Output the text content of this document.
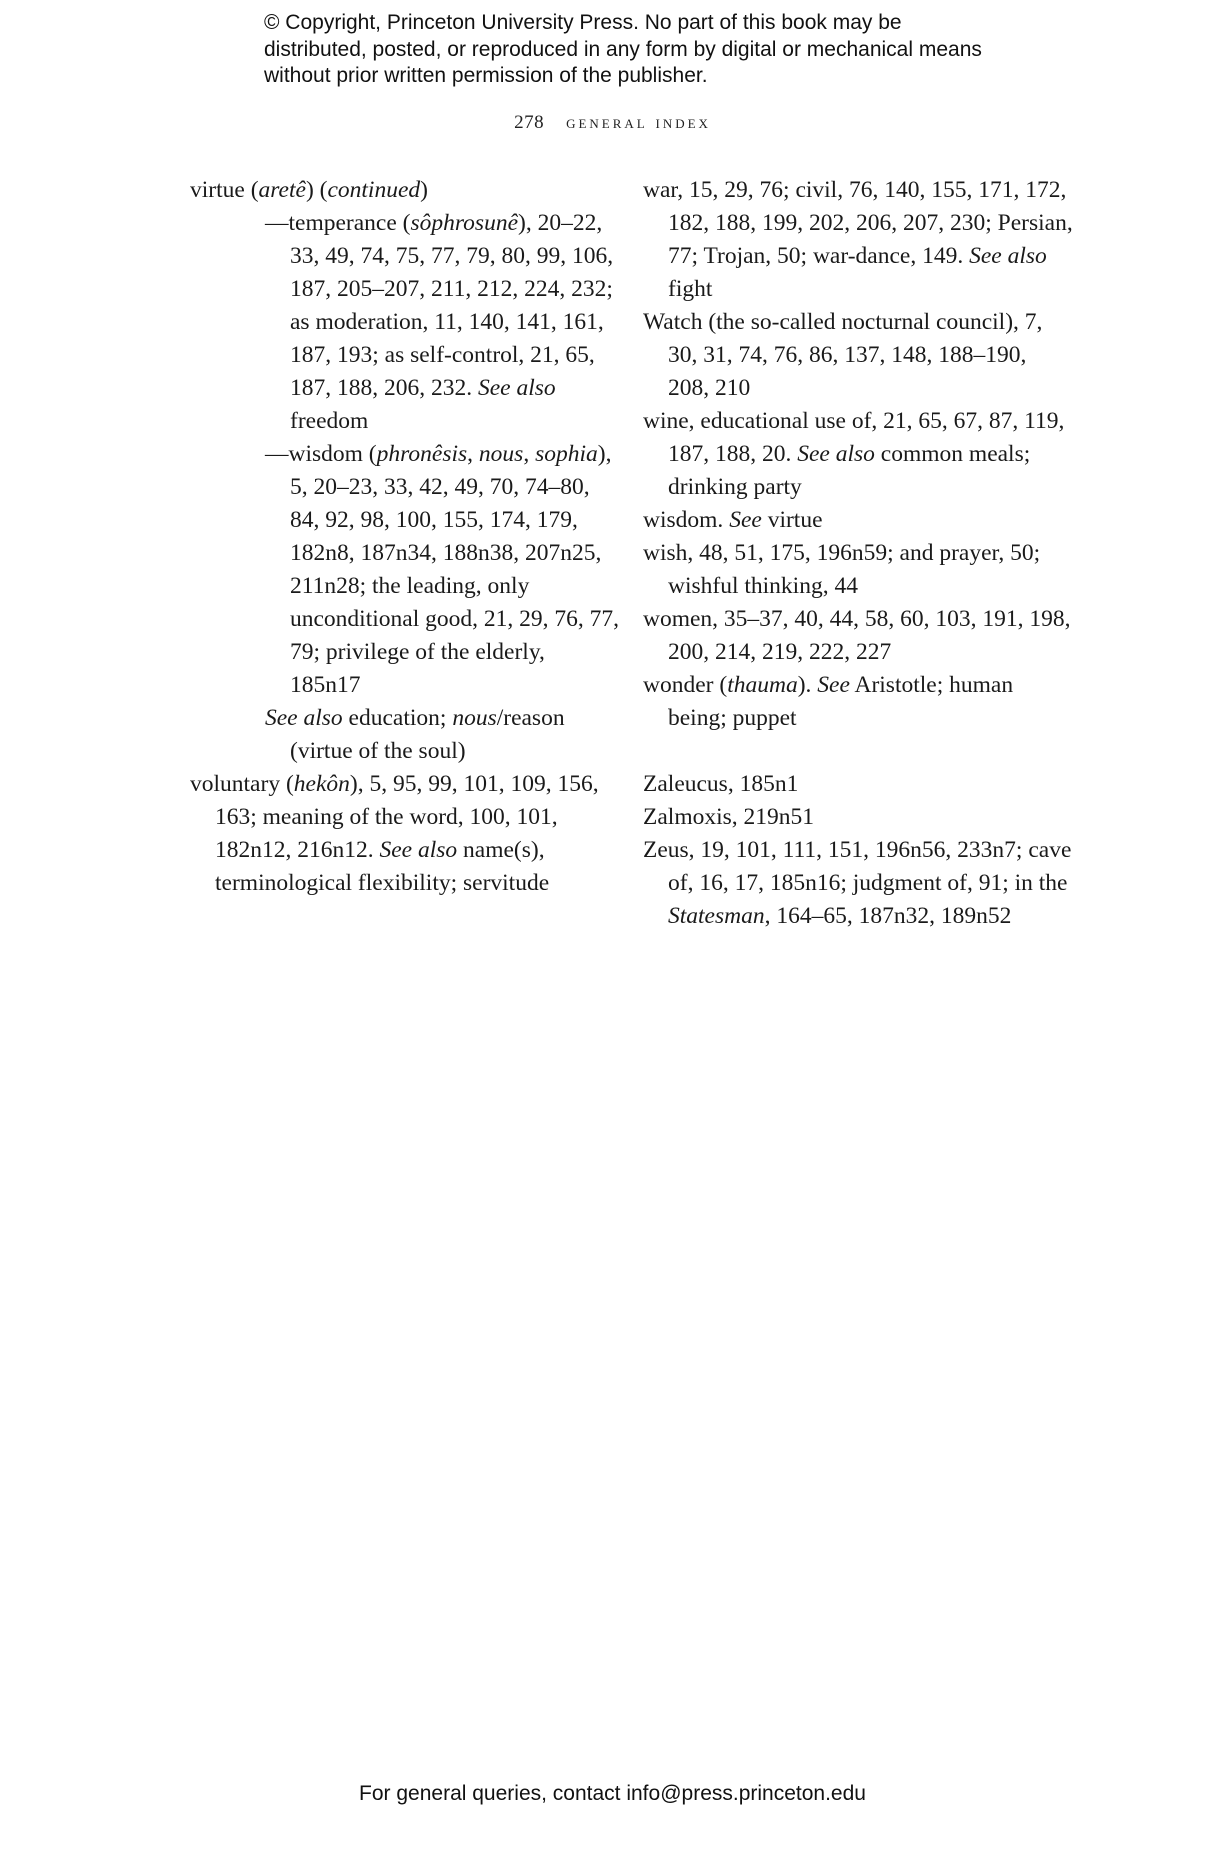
© Copyright, Princeton University Press. No part of this book may be distributed, posted, or reproduced in any form by digital or mechanical means without prior written permission of the publisher.
278 general index

virtue (aretê) (continued)

—temperance (sôphrosunê), 20–22, 33, 49, 74, 75, 77, 79, 80, 99, 106, 187, 205–207, 211, 212, 224, 232; as moderation, 11, 140, 141, 161, 187, 193; as self-control, 21, 65, 187, 188, 206, 232. See also freedom

—wisdom (phronêsis, nous, sophia), 5, 20–23, 33, 42, 49, 70, 74–80, 84, 92, 98, 100, 155, 174, 179, 182n8, 187n34, 188n38, 207n25, 211n28; the leading, only unconditional good, 21, 29, 76, 77, 79; privilege of the elderly, 185n17

See also education; nous/reason (virtue of the soul)

voluntary (hekôn), 5, 95, 99, 101, 109, 156, 163; meaning of the word, 100, 101, 182n12, 216n12. See also name(s), terminological flexibility; servitude

war, 15, 29, 76; civil, 76, 140, 155, 171, 172, 182, 188, 199, 202, 206, 207, 230; Persian, 77; Trojan, 50; war-dance, 149. See also fight

Watch (the so-called nocturnal council), 7, 30, 31, 74, 76, 86, 137, 148, 188–190, 208, 210

wine, educational use of, 21, 65, 67, 87, 119, 187, 188, 20. See also common meals; drinking party

wisdom. See virtue

wish, 48, 51, 175, 196n59; and prayer, 50; wishful thinking, 44

women, 35–37, 40, 44, 58, 60, 103, 191, 198, 200, 214, 219, 222, 227

wonder (thauma). See Aristotle; human being; puppet

Zaleucus, 185n1

Zalmoxis, 219n51

Zeus, 19, 101, 111, 151, 196n56, 233n7; cave of, 16, 17, 185n16; judgment of, 91; in the Statesman, 164–65, 187n32, 189n52

For general queries, contact info@press.princeton.edu
